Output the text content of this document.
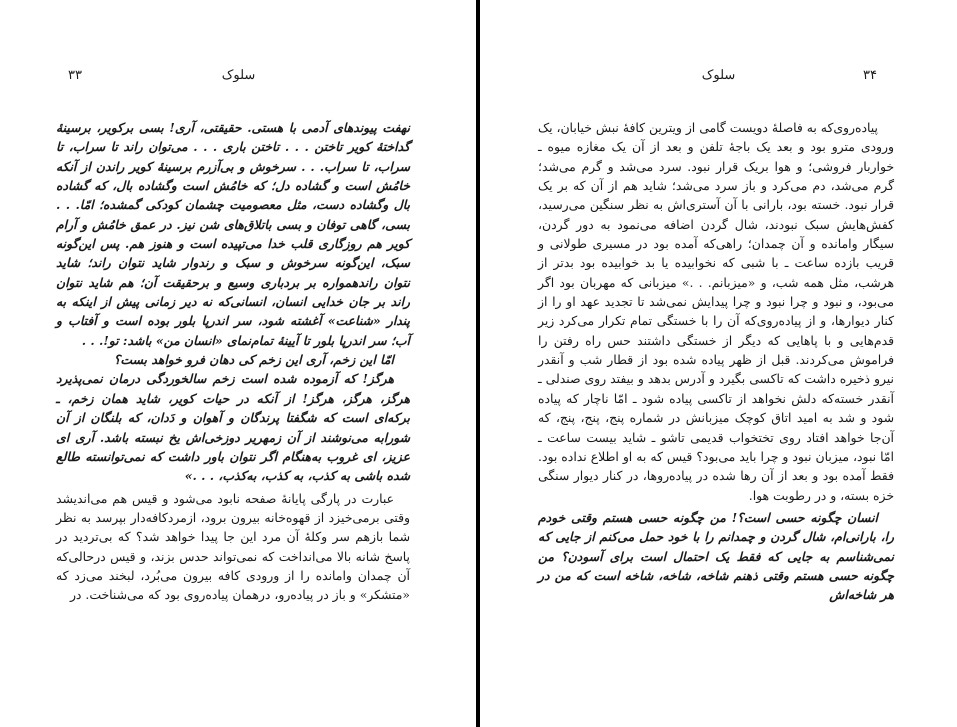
سلوک
۳۳

نهفت پیوندهای آدمی با هستی. حقیقتی، آری! بسی برکویر، برسینهٔ گداختهٔ کویر تاختن . . . تاختن باری . . . می‌توان راند تا سراب، تا سراب، تا سراب. . . سرخوش و بی‌آزرم برسینهٔ کویر راندن از آنکه خامُش است و گشاده دل؛ که خامُش است وگشاده بال، که گشاده بال وگشاده دست، مثل معصومیت چشمان کودکی گمشده؛ امّا. . . بسی، گاهی توفان و بسی باتلاق‌های شن نیز. در عمق خامُش و آرام کویر هم روزگاری قلب خدا می‌تپیده است و هنوز هم. پس این‌گونه سبک، این‌گونه سرخوش و سبک و رندوار شاید نتوان راند؛ شاید نتوان راندهمواره بر بردباری وسیع و برحقیقت آن؛ هم شاید نتوان راند بر جان خدایی انسان، انسانی‌که نه دیر زمانی پیش از اینکه به پندار «شناعت» آغشته شود، سر اندرپا بلور بوده است و آفتاب و آب؛ سر اندرپا بلور تا آیینهٔ تمام‌نمای «انسان من» باشد: تو!. . .

امّا این زخم، آری این زخم کی دهان فرو خواهد بست؟

هرگز! که آزموده شده است زخم سالخوردگی درمان نمی‌پذیرد هرگز، هرگز، هرگز! از آنکه در حیات کویر، شاید همان زخم، ـ برکه‌ای است که شگفتا پرندگان و آهوان و دَدان، که بلنگان از آن شورابه می‌نوشند از آن زمهریر دوزخی‌اش یخ نبسته باشد. آری ای عزیز، ای غروب به‌هنگام اگر نتوان باور داشت که نمی‌توانسته طالع شده باشی به کذب، به کذب، به‌کذب، . . .»

عبارت در پارگی پایانهٔ صفحه نابود می‌شود و قیس هم می‌اندیشد وقتی برمی‌خیزد از قهوه‌خانه بیرون برود، ازمردکافه‌دار بپرسد به نظر شما بازهم سر وکلهٔ آن مرد این جا پیدا خواهد شد؟ که بی‌تردید در پاسخ شانه بالا می‌انداخت که نمی‌تواند حدس بزند، و قیس درحالی‌که آن چمدان وامانده را از ورودی کافه بیرون می‌بُرد، لبخند می‌زد که «متشکر» و باز در پیاده‌رو، درهمان پیاده‌روی بود که می‌شناخت. در

سلوک	۳۴

پیاده‌روی‌که به فاصلهٔ دویست گامی از ویترین کافهٔ نبش خیابان، یک ورودی مترو بود و بعد یک باجهٔ تلفن و بعد از آن یک مغازه میوه ـ خواربار فروشی؛ و هوا بریک قرار نبود. سرد می‌شد و گرم می‌شد؛ گرم می‌شد، دم می‌کرد و باز سرد می‌شد؛ شاید هم از آن که بر یک قرار نبود. خسته بود، بارانی با آن آستری‌اش به نظر سنگین می‌رسید، کفش‌هایش سبک نبودند، شال گردن اضافه می‌نمود به دور گردن، سیگار وامانده و آن چمدان؛ راهی‌که آمده بود در مسیری طولانی و قریب بازده ساعت ـ با شبی که نخوابیده یا بد خوابیده بود بدتر از هرشب، مثل همه شب، و «میزبانم. . .» میزبانی که مهربان بود اگر می‌بود، و نبود و چرا نبود و چرا پیدایش نمی‌شد تا تجدید عهد او را از کنار دیوارها، و از پیاده‌روی‌که آن را با خستگی تمام تکرار می‌کرد زیر قدم‌هایی و با پاهایی که دیگر از خستگی داشتند حس راه رفتن را فراموش می‌کردند. قبل از ظهر پیاده شده بود از قطار شب و آنقدر نیرو ذخیره داشت که تاکسی بگیرد و آدرس بدهد و بیفتد روی صندلی ـ آنقدر خسته‌که دلش نخواهد از تاکسی پیاده شود ـ امّا ناچار که پیاده شود و شد به امید اتاق کوچک میزبانش در شماره پنج، پنج، پنج، که آن‌جا خواهد افتاد روی تختخواب قدیمی تاشو ـ شاید بیست ساعت ـ امّا نبود، میزبان نبود و چرا باید می‌بود؟ قیس که به او اطلاع نداده بود. فقط آمده بود و بعد از آن رها شده در پیاده‌روها، در کنار دیوار سنگی خزه بسته، و در رطوبت هوا.

انسان چگونه حسی است؟! من چگونه حسی هستم وقتی خودم را، بارانی‌ام، شال گردن و چمدانم را با خود حمل می‌کنم از جایی که نمی‌شناسم به جایی که فقط یک احتمال است برای آسودن؟ من چگونه حسی هستم وقتی ذهنم شاخه، شاخه، شاخه است که من در هر شاخه‌اش
